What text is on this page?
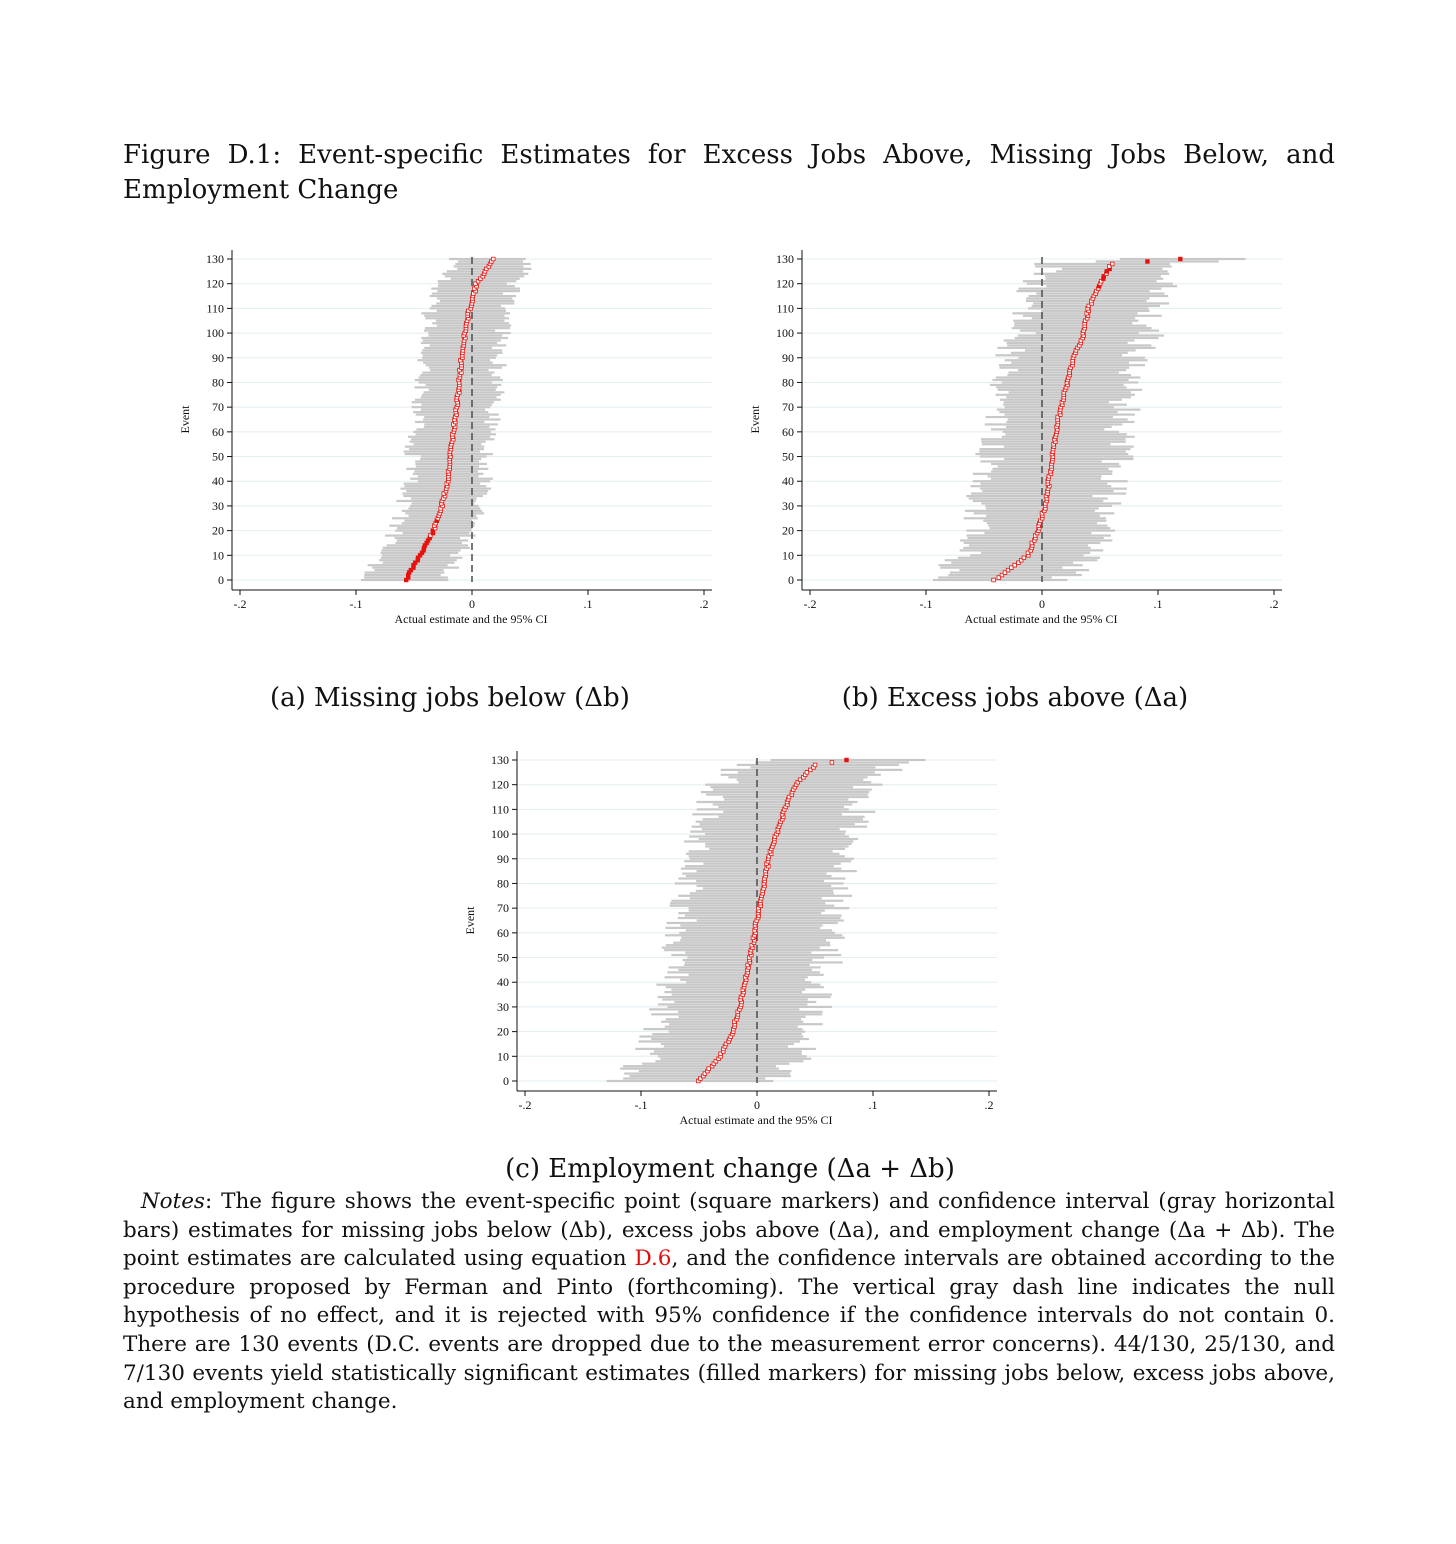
Figure D.1: Event-specific Estimates for Excess Jobs Above, Missing Jobs Below, and Employment Change
0
10
20
30
40
50
60
70
80
90
100
110
120
130
-.2	-.1	0	.1	.2
Actual estimate and the 95% CI
Event
0
10
20
30
40
50
60
70
80
90
100
110
120
130
-.2	-.1	0	.1	.2
Actual estimate and the 95% CI
Event
0
10
20
30
40
50
60
70
80
90
100
110
120
130
-.2	-.1	0	.1	.2
Actual estimate and the 95% CI
Event
(a) Missing jobs below (Δb)	(b) Excess jobs above (Δa)
(c) Employment change (Δa + Δb)
Notes: The figure shows the event-specific point (square markers) and confidence interval (gray horizontal bars) estimates for missing jobs below (Δb), excess jobs above (Δa), and employment change (Δa + Δb). The point estimates are calculated using equation D.6, and the confidence intervals are obtained according to the procedure proposed by Ferman and Pinto (forthcoming). The vertical gray dash line indicates the null hypothesis of no effect, and it is rejected with 95% confidence if the confidence intervals do not contain 0. There are 130 events (D.C. events are dropped due to the measurement error concerns). 44/130, 25/130, and 7/130 events yield statistically significant estimates (filled markers) for missing jobs below, excess jobs above, and employment change.
